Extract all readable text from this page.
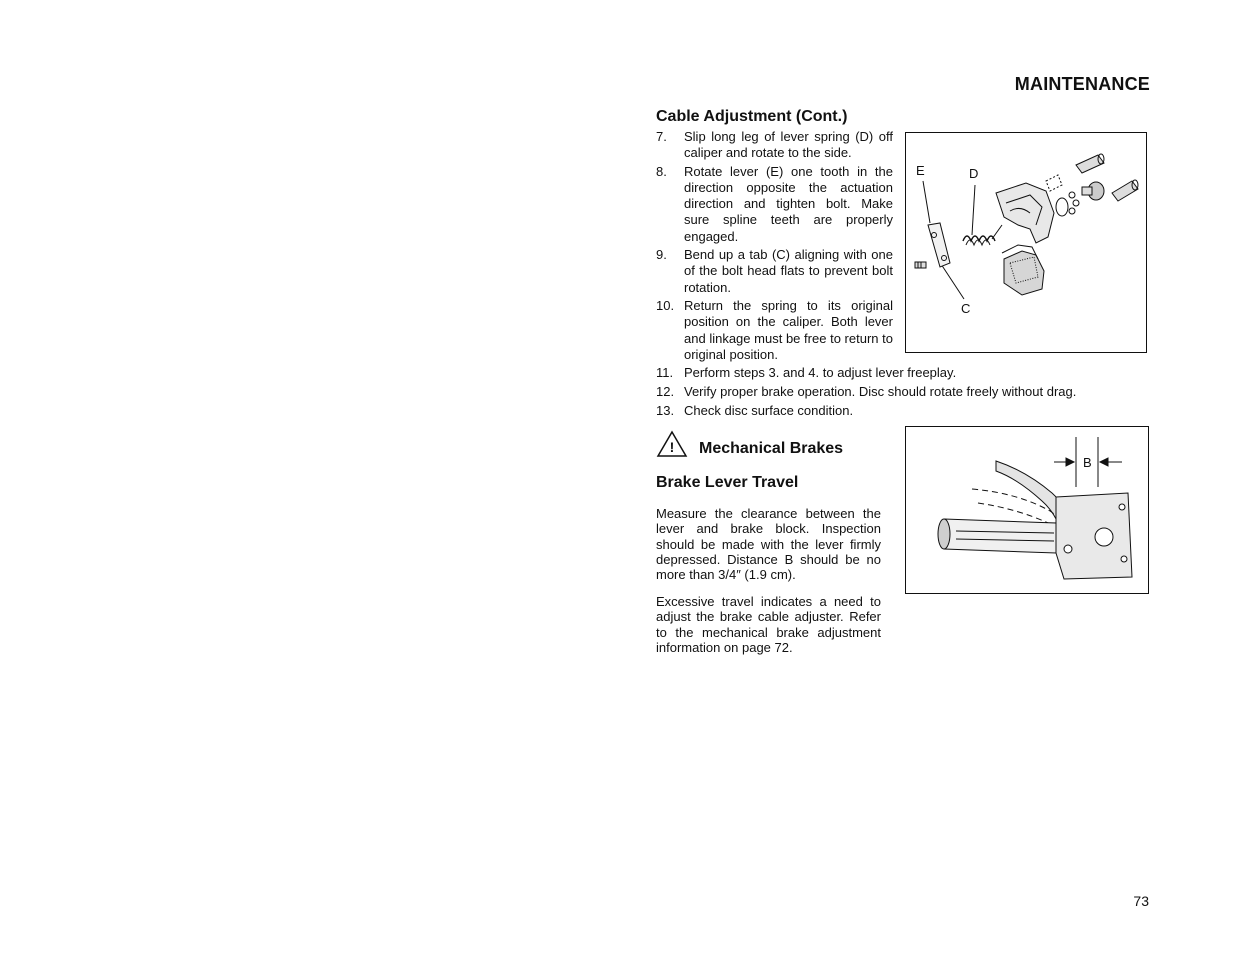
MAINTENANCE
Cable Adjustment (Cont.)
7. Slip long leg of lever spring (D) off caliper and rotate to the side.
8. Rotate lever (E) one tooth in the direction opposite the actuation direction and tighten bolt. Make sure spline teeth are properly engaged.
9. Bend up a tab (C) aligning with one of the bolt head flats to prevent bolt rotation.
10. Return the spring to its original position on the caliper. Both lever and linkage must be free to return to original position.
11. Perform steps 3. and 4. to adjust lever freeplay.
12. Verify proper brake operation. Disc should rotate freely without drag.
13. Check disc surface condition.
E	D
C
! Mechanical Brakes
Brake Lever Travel
Measure the clearance between the lever and brake block. Inspection should be made with the lever firmly depressed. Distance B should be no more than 3/4″ (1.9 cm).
Excessive travel indicates a need to adjust the brake cable adjuster. Refer to the mechanical brake adjustment information on page 72.
B
73
